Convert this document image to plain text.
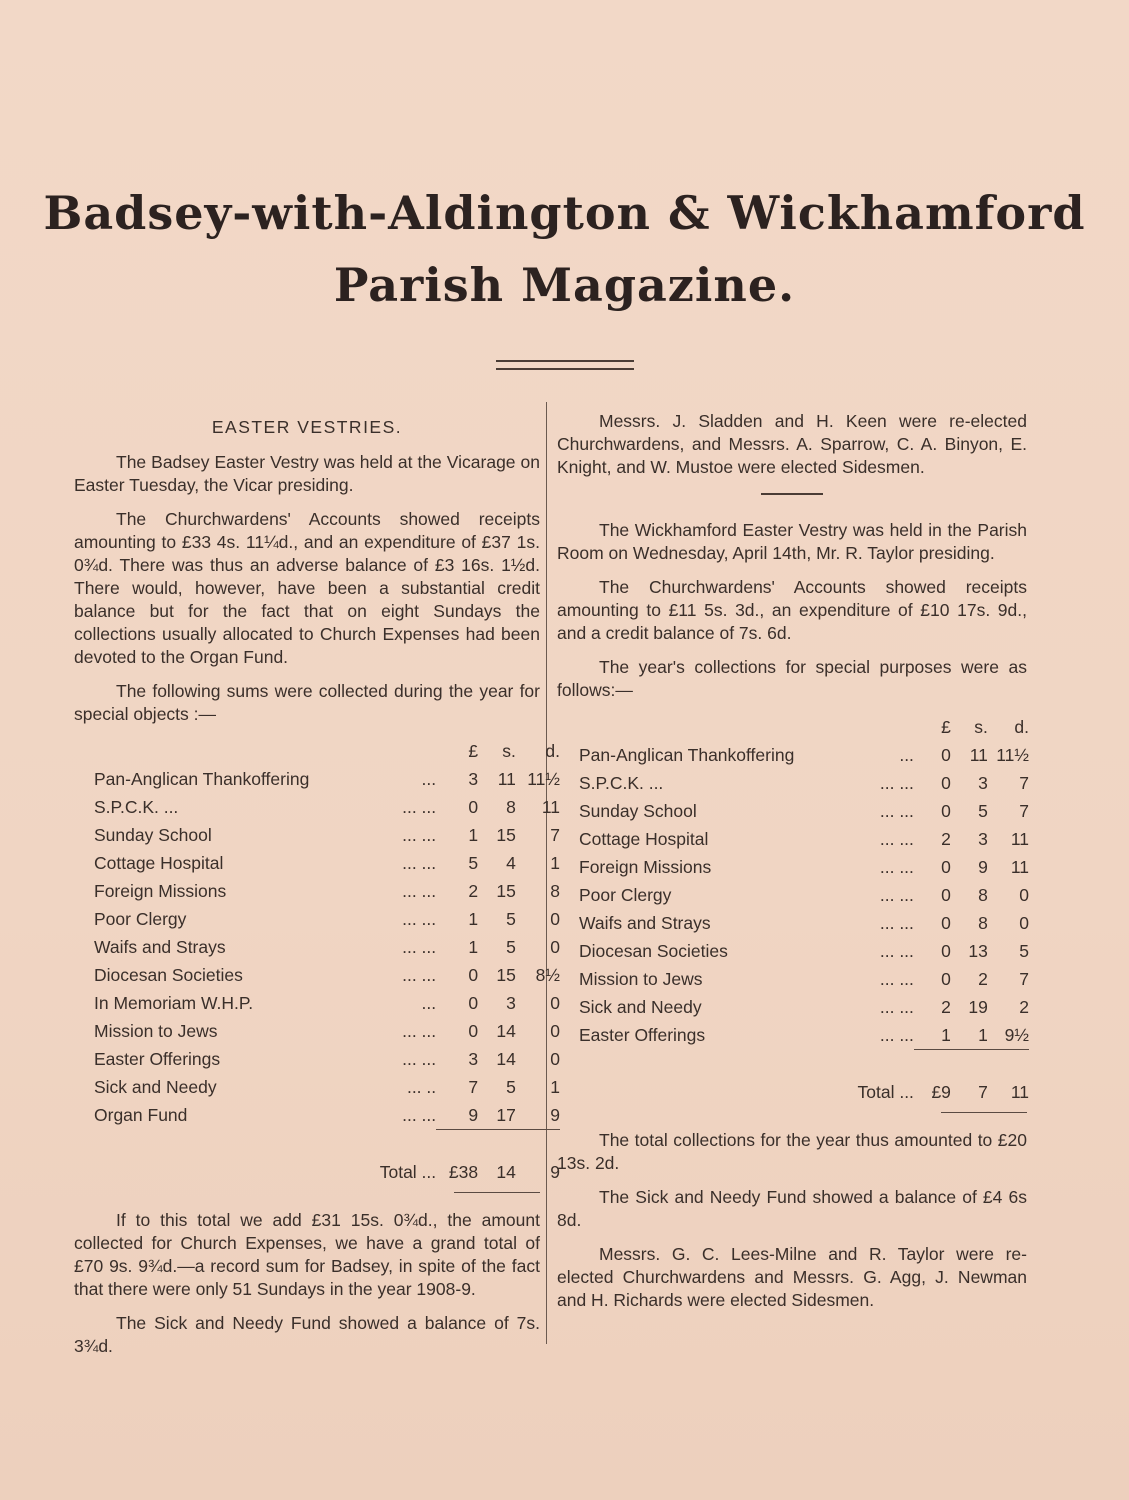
Badsey-with-Aldington & Wickhamford
Parish Magazine.
EASTER VESTRIES.

The Badsey Easter Vestry was held at the Vicarage on Easter Tuesday, the Vicar presiding.

The Churchwardens' Accounts showed receipts amounting to £33 4s. 11¼d., and an expenditure of £37 1s. 0¾d. There was thus an adverse balance of £3 16s. 1½d. There would, however, have been a substantial credit balance but for the fact that on eight Sundays the collections usually allocated to Church Expenses had been devoted to the Organ Fund.

The following sums were collected during the year for special objects :—

		£	s.	d.
Pan-Anglican Thankoffering	...	3	11	11½
S.P.C.K. ...	... ...	0	8	11
Sunday School	... ...	1	15	7
Cottage Hospital	... ...	5	4	1
Foreign Missions	... ...	2	15	8
Poor Clergy	... ...	1	5	0
Waifs and Strays	... ...	1	5	0
Diocesan Societies	... ...	0	15	8½
In Memoriam W.H.P.	...	0	3	0
Mission to Jews	... ...	0	14	0
Easter Offerings	... ...	3	14	0
Sick and Needy	... ..	7	5	1
Organ Fund	... ...	9	17	9

Total ...		£38	14	9

If to this total we add £31 15s. 0¾d., the amount collected for Church Expenses, we have a grand total of £70 9s. 9¾d.—a record sum for Badsey, in spite of the fact that there were only 51 Sundays in the year 1908-9.

The Sick and Needy Fund showed a balance of 7s. 3¾d.

Messrs. J. Sladden and H. Keen were re-elected Churchwardens, and Messrs. A. Sparrow, C. A. Binyon, E. Knight, and W. Mustoe were elected Sidesmen.

The Wickhamford Easter Vestry was held in the Parish Room on Wednesday, April 14th, Mr. R. Taylor presiding.

The Churchwardens' Accounts showed receipts amounting to £11 5s. 3d., an expenditure of £10 17s. 9d., and a credit balance of 7s. 6d.

The year's collections for special purposes were as follows:—

		£	s.	d.
Pan-Anglican Thankoffering	...	0	11	11½
S.P.C.K. ...	... ...	0	3	7
Sunday School	... ...	0	5	7
Cottage Hospital	... ...	2	3	11
Foreign Missions	... ...	0	9	11
Poor Clergy	... ...	0	8	0
Waifs and Strays	... ...	0	8	0
Diocesan Societies	... ...	0	13	5
Mission to Jews	... ...	0	2	7
Sick and Needy	... ...	2	19	2
Easter Offerings	... ...	1	1	9½

Total ...		£9	7	11

The total collections for the year thus amounted to £20 13s. 2d.

The Sick and Needy Fund showed a balance of £4 6s 8d.

Messrs. G. C. Lees-Milne and R. Taylor were re-elected Churchwardens and Messrs. G. Agg, J. Newman and H. Richards were elected Sidesmen.
